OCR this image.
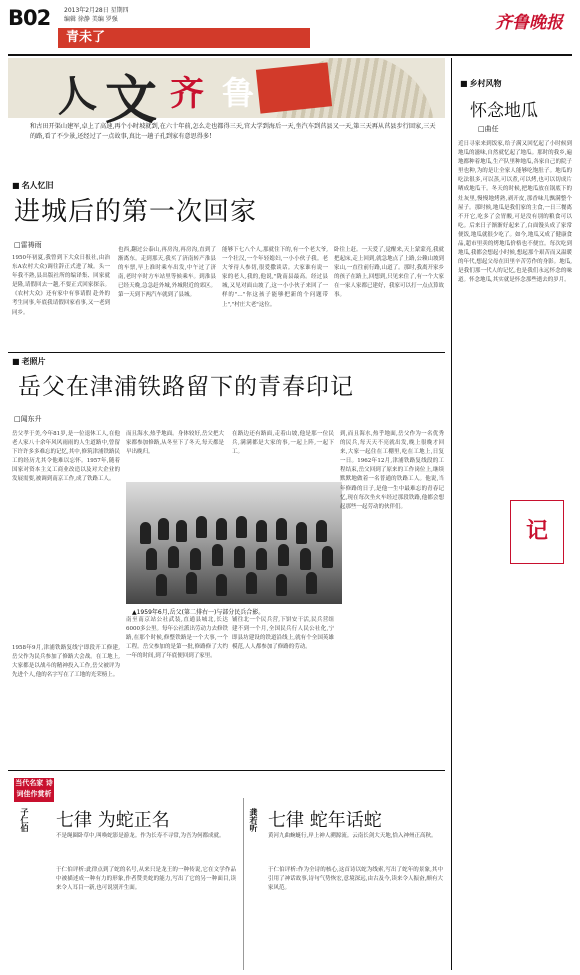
B02 2013年2月28日 星期四
编辑 徐静 美编 罗强
青未了
齐鲁晚报
人 文 齐 鲁
和古田开渠山建军,卓上了高速,再个小时坡就到,在六十年前,怎么走也都得三天,官大学到海后一天,坐汽车到莒县又一天,第三天再从莒县步行回家,三天的路,看了不少景,还经过了一点故事,真比一趟子孔到家有意思得多!
■ 名人忆旧
进城后的第一次回家
□雷祷雨
1950年初夏,我曾到下大众日报社,由治东A农村大众)调往辞正式进了城。头一年我不熟,县出版社所的编译集、回家就是隆,请假回去一趟,不要正式回家探亲。《农村大众》还有家中有事请假 赴外的考生同事,年底我请假回家看事,又一老到同乡。
也西,翻过公泰山,再房沟,再房沟,直到了渐离东。走到那天,我买了济南转产淮县的车票,早上准时乘车出发,中午过了济南,老时辛时方车站里等候乘车。到淮县已经天晚,急急赶外城,外城附近的郊区。第一天到下两汽车就到了县城。
能够下七八个人,那就住下的,有一个老大爷,一个壮汉,一个年轻媳妇,一小小伙子我。老大爷待人参切,很爱撒谈话。大家谁有说一家的老人,我的,他说,"陇南县最高。经过县城,又见对面山坡了,这一小小伙子来回了一样的"…"你这孩子能够把新的个问题带上","村庄大老"这位。
卧往上赶。一天爱了,觉醒来,天上蒙蒙亮,我就把起床,走上回到,就急地点了上路,公赖山坡到家山,一直往前行路,山道了。那时,我离开家乡的孩子在路上,回想到,只见来住了,有一个大家在一家人家都已建好，我家可以打一点点算故事。
■ 老照片
岳父在津浦铁路留下的青春印记
□闻东升
岳父孝于美,今年81岁,是一位退休工人,在他老人家八十余年风风雨雨的人生道路中,曾留下许许多多难忘的记忆,其中,修筑津浦铁路民工的经历尤其令他难以忘怀。1957年,随着国家对资本主义工商业改造以及对大企业的发展需要,被调到南京工作,成了铁路工人。
而且海水,热乎地面。身体较好,岳父把大家都参加修路,从冬至下了冬天,每天都是早出晚归。
在路边还有路面,走着山坡,他是那一位民兵,满满都是大家的事,一起上阵,一起下工。
▲1959年6月,岳父(第二排右一)与部分民兵合影。
南至南京站公社武装,直通县城北,长达6000多公里。每年公社派出劳动力去修铁路,在那个时候,修整铁路是一个大事,一个工程。岳父参加的是第一批,修路修了大约一年的时间,到了年底便回到了家里。
铺往北一个民兵营,下饼安干活,民兵营组建不到一个月,全国民兵行人民公社化,宁即县坊建设的铁道沿线上,就有个全国英雄模范,人人都参加了修路的劳动。
到,而且海水,热乎地面,岳父作为一名优秀的民兵,每天天不亮就出发,晚上很晚才回来,大家一起住在工棚里,吃在工地上,日复一日。1962年12月,津浦铁路复线段的工程结束,岳父回到了原来的工作岗位上,继续默默地做着一名普通的铁路工人。他说,当年修路的日子,是他一生中最难忘的青春记忆,现在每次坐火车经过那段铁路,他都会想起那些一起劳动的伙伴们。
1958年9月,津浦铁路复线宁即段开工修建,岳父作为民兵参加了修路大会战。在工地上,大家都是以战斗的精神投入工作,岳父被评为先进个人,他的名字写在了工地的光荣榜上。
当代名家 诗词佳作赏析
子仁伯 七律 为蛇正名
不是绳圈卧草中,叫唤蛇影是游龙。作为长寿不寻常,为吾为何都成就。
于仁伯评析:此律点到了蛇的名号,从来只是龙王的一种传说,它在文学作品中被描述成一种有力的形象,作者赞美蛇的能力,写出了它的另一种面目,读来令人耳目一新,也可说别开生面。
龚若听 七律 蛇年话蛇
黄河九曲蜿蜒行,岸上神人溯源流。云南长剑大天地,恰入神州正高秋。
于仁伯评析:作为全诗的核心,这首诗以蛇为线索,写出了蛇年的景象,其中引用了神话故事,诗句气势恢宏,意境深远,由古及今,读来令人振奋,颇有大家风范。
■ 乡村风物
怀念地瓜
□曲任
近日寻家来到饭家,给子满又回忆起了小时候到地瓜的滋味,自然就忆起了地瓜。那时的我乡,遍地都种着地瓜,生产队里种地瓜,各家自己的院子里也种,为的是让全家人能够吃饱肚子。地瓜的吃法很多,可以蒸,可以煮,可以烤,也可以切成片晒成地瓜干。冬天的时候,把地瓜放在锅底下的灶灰里,慢慢地烤熟,剥开皮,那香味儿飘满整个屋子。那时候,地瓜是我们家的主食,一日三餐离不开它,吃多了会胃酸,可是没有别的粮食可以吃。后来日子渐渐好起来了,白面馒头成了家常便饭,地瓜就很少吃了。如今,地瓜又成了健康食品,超市里卖的烤地瓜价格也不便宜。每次吃到地瓜,我都会想起小时候,想起那个艰苦而又温暖的年代,想起父母在田里辛苦劳作的身影。地瓜,是我们那一代人的记忆,也是我们永远怀念的味道。怀念地瓜,其实就是怀念那些逝去的岁月。
记
